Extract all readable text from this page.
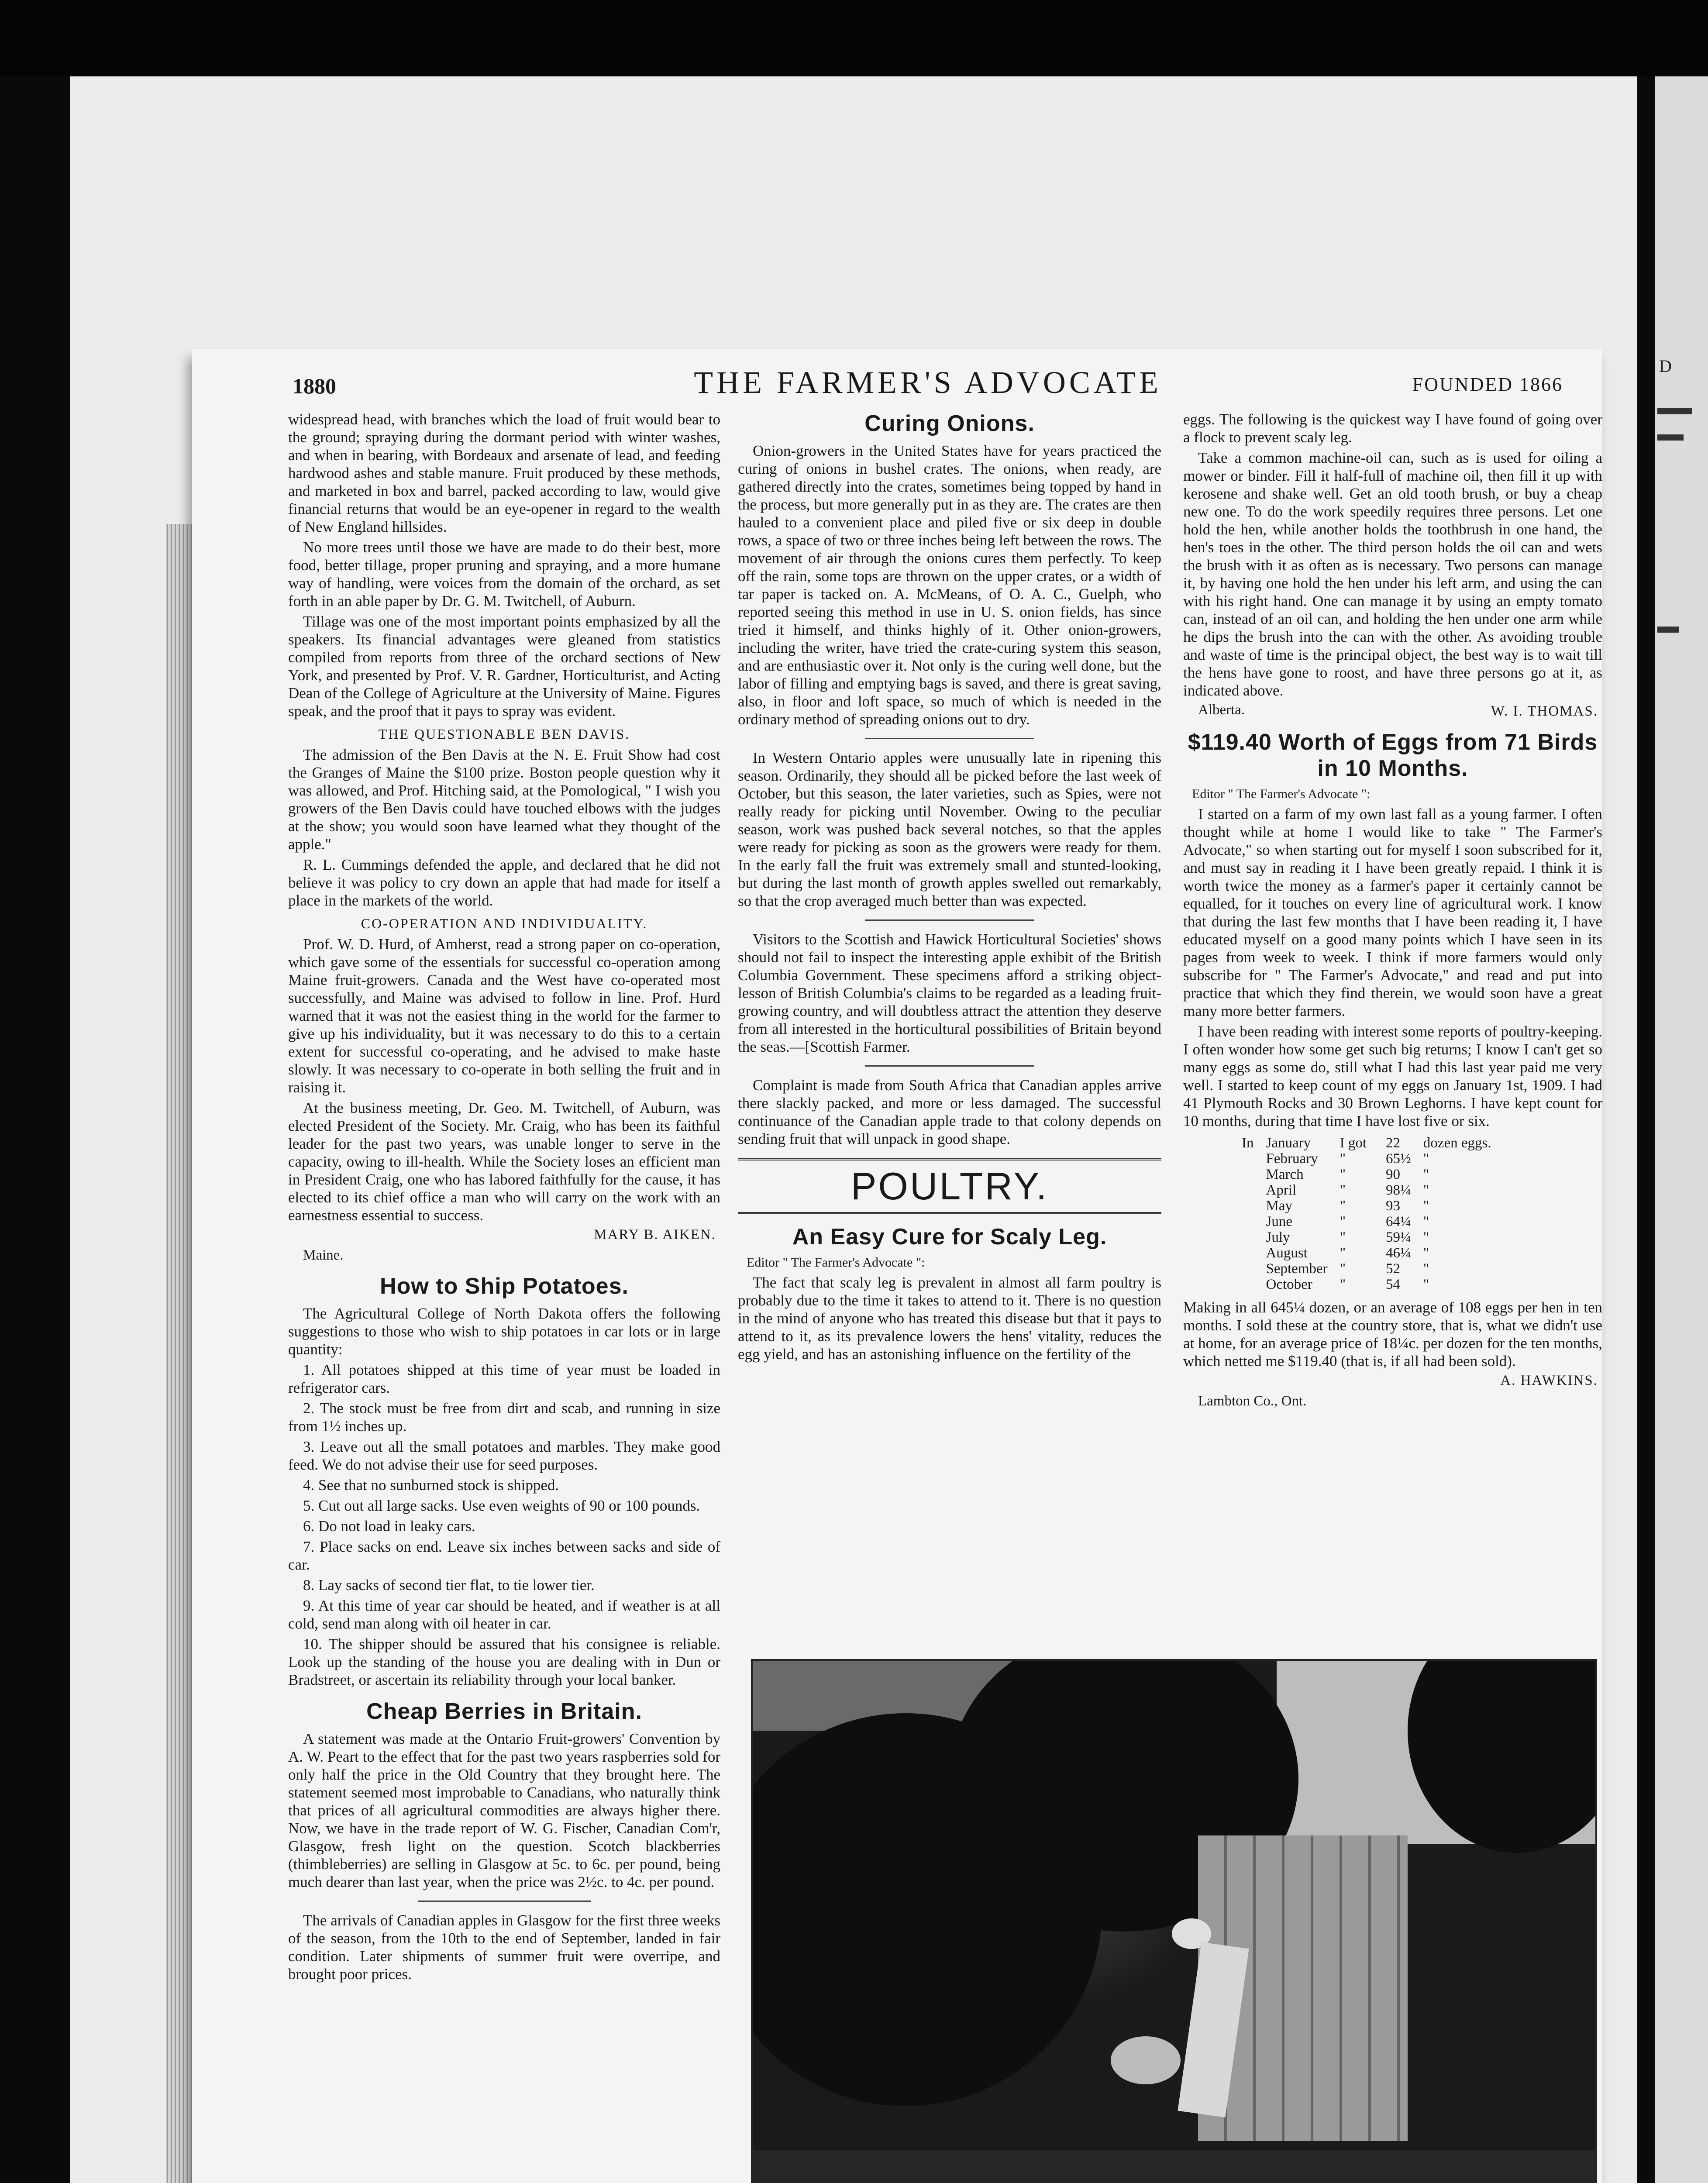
D
1880	THE FARMER'S ADVOCATE	FOUNDED 1866

widespread head, with branches which the load of fruit would bear to the ground; spraying during the dormant period with winter washes, and when in bearing, with Bordeaux and arsenate of lead, and feeding hardwood ashes and stable manure. Fruit produced by these methods, and marketed in box and barrel, packed according to law, would give financial returns that would be an eye-opener in regard to the wealth of New England hillsides.

No more trees until those we have are made to do their best, more food, better tillage, proper pruning and spraying, and a more humane way of handling, were voices from the domain of the orchard, as set forth in an able paper by Dr. G. M. Twitchell, of Auburn.

Tillage was one of the most important points emphasized by all the speakers. Its financial advantages were gleaned from statistics compiled from reports from three of the orchard sections of New York, and presented by Prof. V. R. Gardner, Horticulturist, and Acting Dean of the College of Agriculture at the University of Maine. Figures speak, and the proof that it pays to spray was evident.

THE QUESTIONABLE BEN DAVIS.

The admission of the Ben Davis at the N. E. Fruit Show had cost the Granges of Maine the $100 prize. Boston people question why it was allowed, and Prof. Hitching said, at the Pomological, " I wish you growers of the Ben Davis could have touched elbows with the judges at the show; you would soon have learned what they thought of the apple."

R. L. Cummings defended the apple, and declared that he did not believe it was policy to cry down an apple that had made for itself a place in the markets of the world.

CO-OPERATION AND INDIVIDUALITY.

Prof. W. D. Hurd, of Amherst, read a strong paper on co-operation, which gave some of the essentials for successful co-operation among Maine fruit-growers. Canada and the West have co-operated most successfully, and Maine was advised to follow in line. Prof. Hurd warned that it was not the easiest thing in the world for the farmer to give up his individuality, but it was necessary to do this to a certain extent for successful co-operating, and he advised to make haste slowly. It was necessary to co-operate in both selling the fruit and in raising it.

At the business meeting, Dr. Geo. M. Twitchell, of Auburn, was elected President of the Society. Mr. Craig, who has been its faithful leader for the past two years, was unable longer to serve in the capacity, owing to ill-health. While the Society loses an efficient man in President Craig, one who has labored faithfully for the cause, it has elected to its chief office a man who will carry on the work with an earnestness essential to success.

MARY B. AIKEN.
Maine.
How to Ship Potatoes.

The Agricultural College of North Dakota offers the following suggestions to those who wish to ship potatoes in car lots or in large quantity:

1. All potatoes shipped at this time of year must be loaded in refrigerator cars.

2. The stock must be free from dirt and scab, and running in size from 1½ inches up.

3. Leave out all the small potatoes and marbles. They make good feed. We do not advise their use for seed purposes.

4. See that no sunburned stock is shipped.

5. Cut out all large sacks. Use even weights of 90 or 100 pounds.

6. Do not load in leaky cars.

7. Place sacks on end. Leave six inches between sacks and side of car.

8. Lay sacks of second tier flat, to tie lower tier.

9. At this time of year car should be heated, and if weather is at all cold, send man along with oil heater in car.

10. The shipper should be assured that his consignee is reliable. Look up the standing of the house you are dealing with in Dun or Bradstreet, or ascertain its reliability through your local banker.

Cheap Berries in Britain.

A statement was made at the Ontario Fruit-growers' Convention by A. W. Peart to the effect that for the past two years raspberries sold for only half the price in the Old Country that they brought here. The statement seemed most improbable to Canadians, who naturally think that prices of all agricultural commodities are always higher there. Now, we have in the trade report of W. G. Fischer, Canadian Com'r, Glasgow, fresh light on the question. Scotch blackberries (thimbleberries) are selling in Glasgow at 5c. to 6c. per pound, being much dearer than last year, when the price was 2½c. to 4c. per pound.

The arrivals of Canadian apples in Glasgow for the first three weeks of the season, from the 10th to the end of September, landed in fair condition. Later shipments of summer fruit were overripe, and brought poor prices.

Curing Onions.

Onion-growers in the United States have for years practiced the curing of onions in bushel crates. The onions, when ready, are gathered directly into the crates, sometimes being topped by hand in the process, but more generally put in as they are. The crates are then hauled to a convenient place and piled five or six deep in double rows, a space of two or three inches being left between the rows. The movement of air through the onions cures them perfectly. To keep off the rain, some tops are thrown on the upper crates, or a width of tar paper is tacked on. A. McMeans, of O. A. C., Guelph, who reported seeing this method in use in U. S. onion fields, has since tried it himself, and thinks highly of it. Other onion-growers, including the writer, have tried the crate-curing system this season, and are enthusiastic over it. Not only is the curing well done, but the labor of filling and emptying bags is saved, and there is great saving, also, in floor and loft space, so much of which is needed in the ordinary method of spreading onions out to dry.

In Western Ontario apples were unusually late in ripening this season. Ordinarily, they should all be picked before the last week of October, but this season, the later varieties, such as Spies, were not really ready for picking until November. Owing to the peculiar season, work was pushed back several notches, so that the apples were ready for picking as soon as the growers were ready for them. In the early fall the fruit was extremely small and stunted-looking, but during the last month of growth apples swelled out remarkably, so that the crop averaged much better than was expected.

Visitors to the Scottish and Hawick Horticultural Societies' shows should not fail to inspect the interesting apple exhibit of the British Columbia Government. These specimens afford a striking object-lesson of British Columbia's claims to be regarded as a leading fruit-growing country, and will doubtless attract the attention they deserve from all interested in the horticultural possibilities of Britain beyond the seas.—[Scottish Farmer.

Complaint is made from South Africa that Canadian apples arrive there slackly packed, and more or less damaged. The successful continuance of the Canadian apple trade to that colony depends on sending fruit that will unpack in good shape.

POULTRY.
An Easy Cure for Scaly Leg.
Editor " The Farmer's Advocate ":

The fact that scaly leg is prevalent in almost all farm poultry is probably due to the time it takes to attend to it. There is no question in the mind of anyone who has treated this disease but that it pays to attend to it, as its prevalence lowers the hens' vitality, reduces the egg yield, and has an astonishing influence on the fertility of the

eggs. The following is the quickest way I have found of going over a flock to prevent scaly leg.

Take a common machine-oil can, such as is used for oiling a mower or binder. Fill it half-full of machine oil, then fill it up with kerosene and shake well. Get an old tooth brush, or buy a cheap new one. To do the work speedily requires three persons. Let one hold the hen, while another holds the toothbrush in one hand, the hen's toes in the other. The third person holds the oil can and wets the brush with it as often as is necessary. Two persons can manage it, by having one hold the hen under his left arm, and using the can with his right hand. One can manage it by using an empty tomato can, instead of an oil can, and holding the hen under one arm while he dips the brush into the can with the other. As avoiding trouble and waste of time is the principal object, the best way is to wait till the hens have gone to roost, and have three persons go at it, as indicated above.

Alberta.	W. I. THOMAS.
$119.40 Worth of Eggs from 71 Birds in 10 Months.
Editor " The Farmer's Advocate ":

I started on a farm of my own last fall as a young farmer. I often thought while at home I would like to take " The Farmer's Advocate," so when starting out for myself I soon subscribed for it, and must say in reading it I have been greatly repaid. I think it is worth twice the money as a farmer's paper it certainly cannot be equalled, for it touches on every line of agricultural work. I know that during the last few months that I have been reading it, I have educated myself on a good many points which I have seen in its pages from week to week. I think if more farmers would only subscribe for " The Farmer's Advocate," and read and put into practice that which they find therein, we would soon have a great many more better farmers.

I have been reading with interest some reports of poultry-keeping. I often wonder how some get such big returns; I know I can't get so many eggs as some do, still what I had this last year paid me very well. I started to keep count of my eggs on January 1st, 1909. I had 41 Plymouth Rocks and 30 Brown Leghorns. I have kept count for 10 months, during that time I have lost five or six.

In	January	I got	22	dozen eggs.
	February	"	65½	"
	March	"	90	"
	April	"	98¼	"
	May	"	93	"
	June	"	64¼	"
	July	"	59¼	"
	August	"	46¼	"
	September	"	52	"
	October	"	54	"

Making in all 645¼ dozen, or an average of 108 eggs per hen in ten months. I sold these at the country store, that is, what we didn't use at home, for an average price of 18¼c. per dozen for the ten months, which netted me $119.40 (that is, if all had been sold).

A. HAWKINS.
Lambton Co., Ont.
